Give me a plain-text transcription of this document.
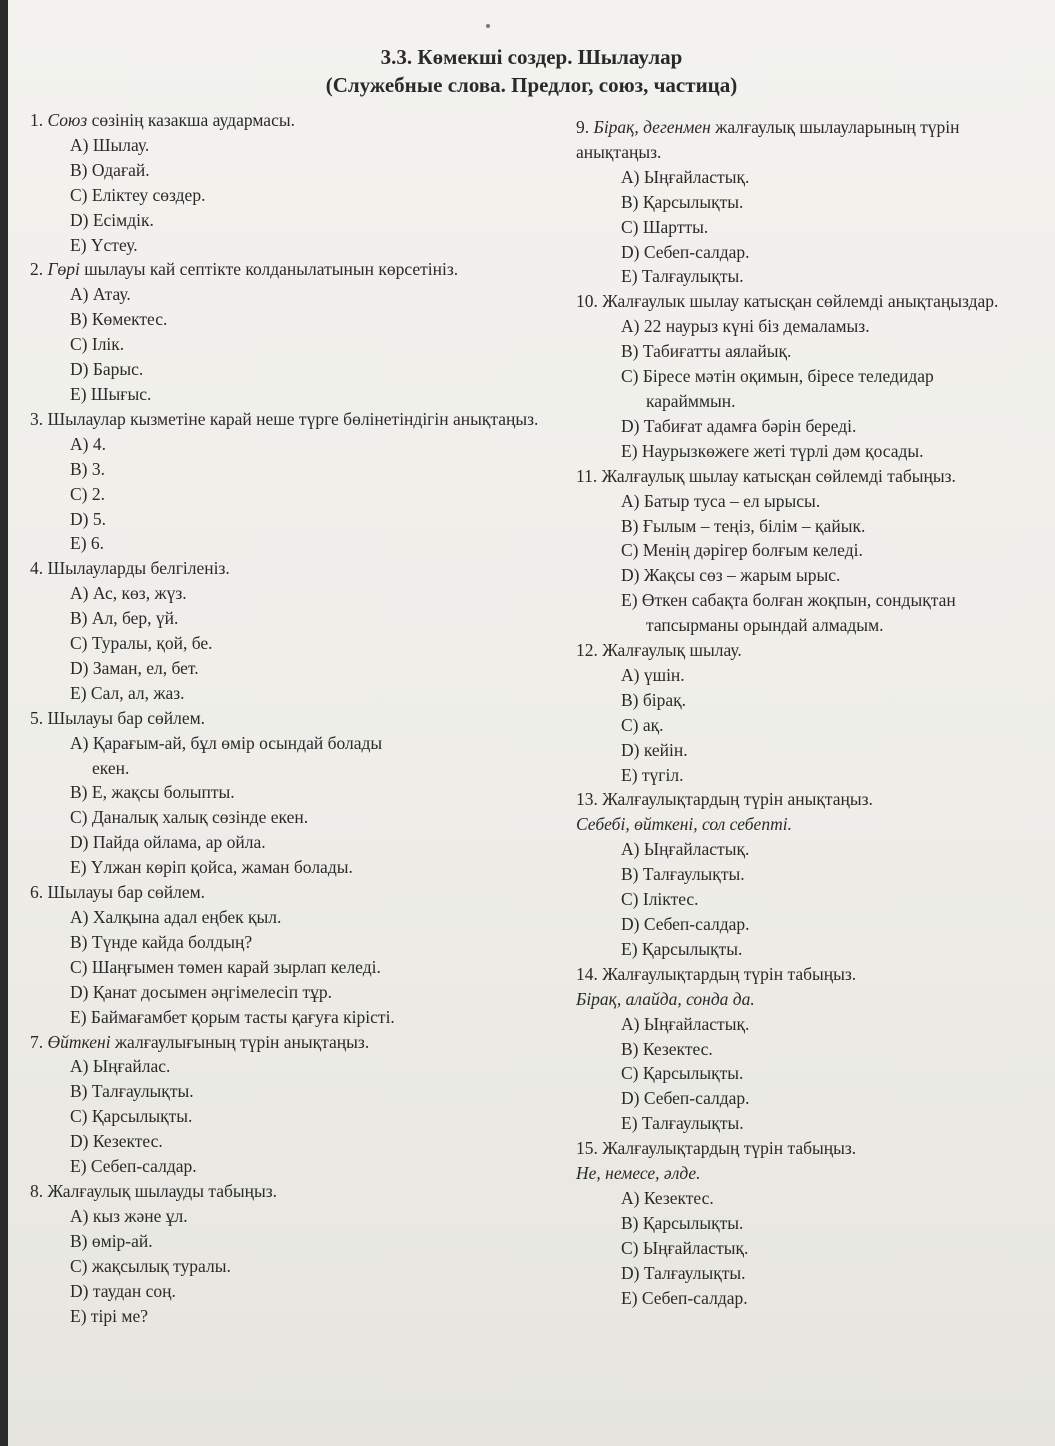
3.3. Көмекші создер. Шылаулар
(Служебные слова. Предлог, союз, частица)

1. Союз сөзінің казакша аудармасы.

А) Шылау.

В) Одағай.

С) Еліктеу сөздер.

D) Есімдік.

E) Үстеу.

2. Гөрі шылауы кай септікте колданылатынын көрсетініз.

А) Атау.

В) Көмектес.

С) Ілік.

D) Барыс.

E) Шығыс.

3. Шылаулар кызметіне карай неше түрге бөлінетіндігін анықтаңыз.

А) 4.

В) 3.

С) 2.

D) 5.

E) 6.

4. Шылауларды белгіленіз.

А) Ас, көз, жүз.

В) Ал, бер, үй.

С) Туралы, қой, бе.

D) Заман, ел, бет.

E) Сал, ал, жаз.

5. Шылауы бар сөйлем.

А) Қарағым-ай, бұл өмір осындай болады

екен.

В) Е, жақсы болыпты.

С) Даналық халық сөзінде екен.

D) Пайда ойлама, ар ойла.

E) Үлжан көріп қойса, жаман болады.

6. Шылауы бар сөйлем.

А) Халқына адал еңбек қыл.

В) Түнде кайда болдың?

С) Шаңғымен төмен карай зырлап келеді.

D) Қанат досымен әңгімелесіп тұр.

E) Баймағамбет қорым тасты қағуға кірісті.

7. Өйткені жалғаулығының түрін анықтаңыз.

А) Ыңғайлас.

В) Талғаулықты.

С) Қарсылықты.

D) Кезектес.

E) Себеп-салдар.

8. Жалғаулық шылауды табыңыз.

А) кыз және ұл.

В) өмір-ай.

С) жақсылық туралы.

D) таудан соң.

E) тірі ме?

9. Бірақ, дегенмен жалғаулық шылауларының түрін анықтаңыз.

А) Ыңғайластық.

В) Қарсылықты.

С) Шартты.

D) Себеп-салдар.

E) Талғаулықты.

10. Жалғаулык шылау катысқан сөйлемді анықтаңыздар.

А) 22 наурыз күні біз демаламыз.

В) Табиғатты аялайық.

С) Біресе мәтін оқимын, біресе теледидар

карайммын.

D) Табиғат адамға бәрін береді.

E) Наурызкөжеге жеті түрлі дәм қосады.

11. Жалғаулық шылау катысқан сөйлемді табыңыз.

А) Батыр туса – ел ырысы.

В) Ғылым – теңіз, білім – қайык.

С) Менің дәрігер болғым келеді.

D) Жақсы сөз – жарым ырыс.

E) Өткен сабақта болған жоқпын, сондықтан

тапсырманы орындай алмадым.

12. Жалғаулық шылау.

А) үшін.

В) бірақ.

С) ақ.

D) кейін.

E) түгіл.

13. Жалғаулықтардың түрін анықтаңыз.

Себебі, өйткені, сол себепті.

А) Ыңғайластық.

В) Талғаулықты.

С) Іліктес.

D) Себеп-салдар.

E) Қарсылықты.

14. Жалғаулықтардың түрін табыңыз.

Бірақ, алайда, сонда да.

А) Ыңғайластық.

В) Кезектес.

С) Қарсылықты.

D) Себеп-салдар.

E) Талғаулықты.

15. Жалғаулықтардың түрін табыңыз.

Не, немесе, әлде.

А) Кезектес.

В) Қарсылықты.

С) Ыңғайластық.

D) Талғаулықты.

E) Себеп-салдар.
